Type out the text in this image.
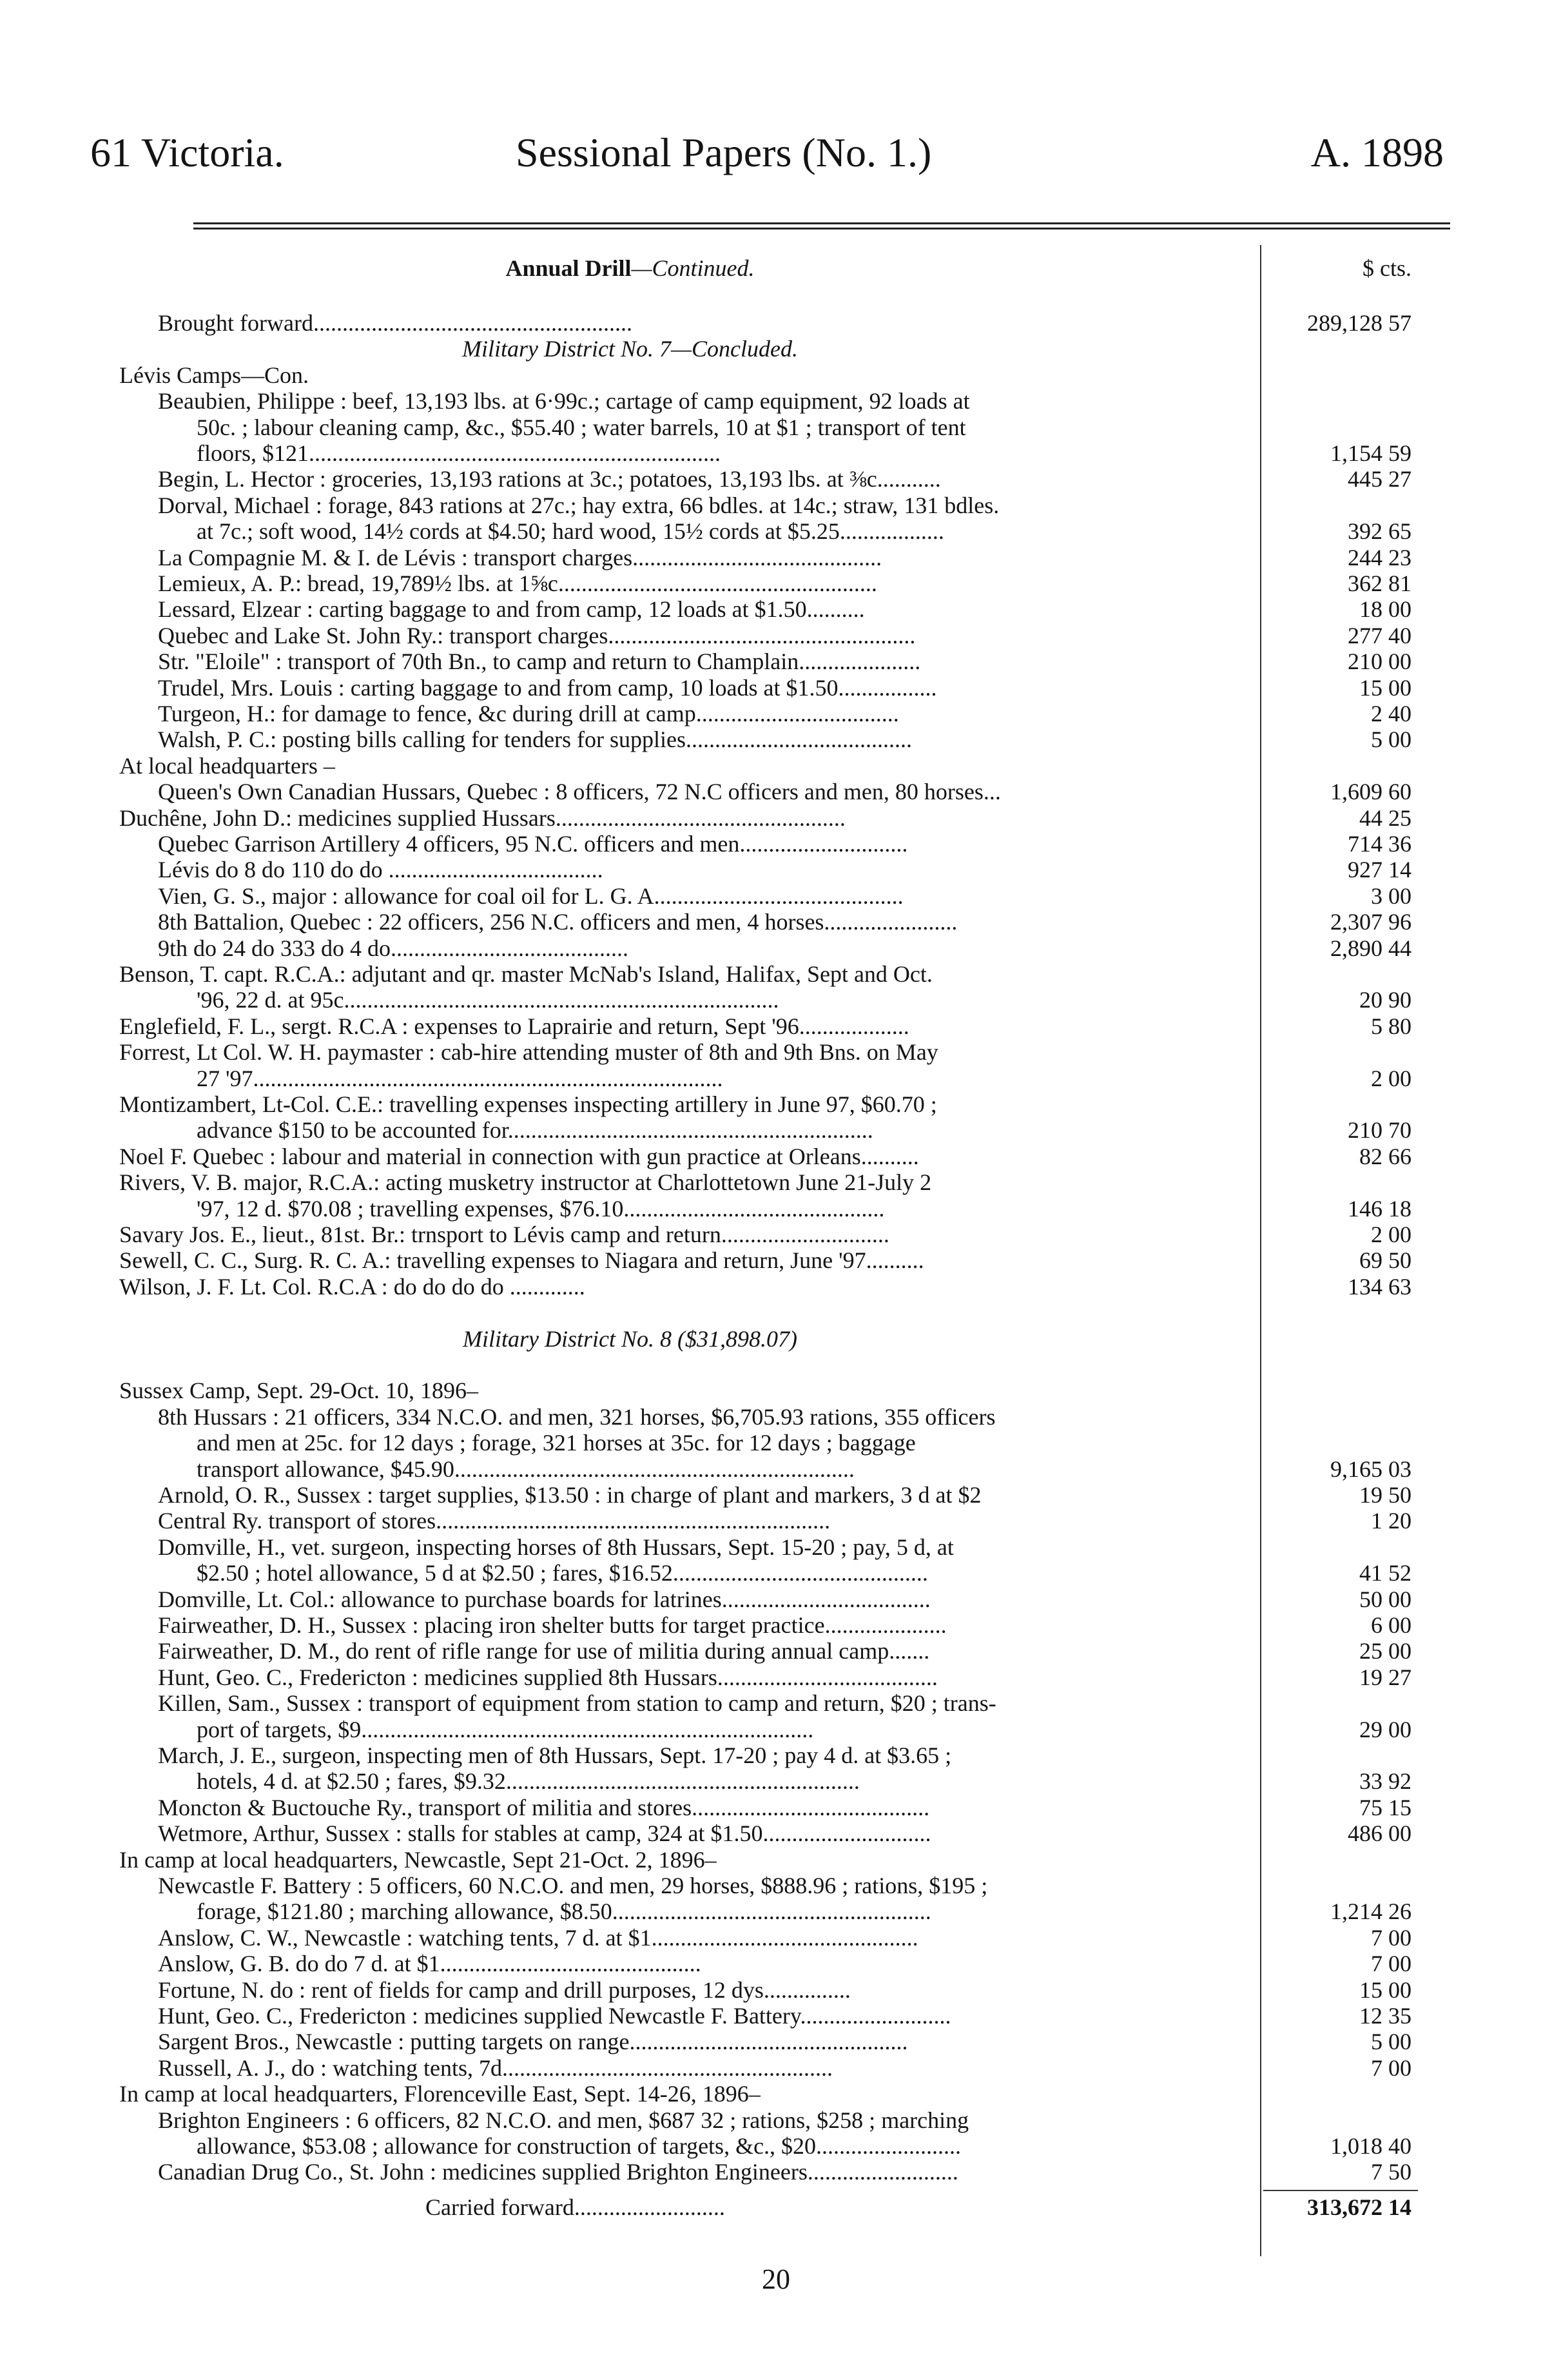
61 Victoria.	Sessional Papers (No. 1.)	A. 1898
Annual Drill—Continued.	$ cts.
Brought forward.......................................................	289,128 57
Military District No. 7—Concluded.
Lévis Camps—Con.
Beaubien, Philippe : beef, 13,193 lbs. at 6·99c.; cartage of camp equipment, 92 loads at
50c. ; labour cleaning camp, &c., $55.40 ; water barrels, 10 at $1 ; transport of tent
floors, $121.......................................................................	1,154 59
Begin, L. Hector : groceries, 13,193 rations at 3c.; potatoes, 13,193 lbs. at ⅜c...........	445 27
Dorval, Michael : forage, 843 rations at 27c.; hay extra, 66 bdles. at 14c.; straw, 131 bdles.
at 7c.; soft wood, 14½ cords at $4.50; hard wood, 15½ cords at $5.25..................	392 65
La Compagnie M. & I. de Lévis : transport charges...........................................	244 23
Lemieux, A. P.: bread, 19,789½ lbs. at 1⅝c.......................................................	362 81
Lessard, Elzear : carting baggage to and from camp, 12 loads at $1.50..........	18 00
Quebec and Lake St. John Ry.: transport charges.....................................................	277 40
Str. "Eloile" : transport of 70th Bn., to camp and return to Champlain.....................	210 00
Trudel, Mrs. Louis : carting baggage to and from camp, 10 loads at $1.50.................	15 00
Turgeon, H.: for damage to fence, &c during drill at camp...................................	2 40
Walsh, P. C.: posting bills calling for tenders for supplies.......................................	5 00
At local headquarters –
Queen's Own Canadian Hussars, Quebec : 8 officers, 72 N.C officers and men, 80 horses...	1,609 60
Duchêne, John D.: medicines supplied Hussars..................................................	44 25
Quebec Garrison Artillery 4 officers, 95 N.C. officers and men.............................	714 36
Lévis do 8 do 110 do do .....................................	927 14
Vien, G. S., major : allowance for coal oil for L. G. A...........................................	3 00
8th Battalion, Quebec : 22 officers, 256 N.C. officers and men, 4 horses.......................	2,307 96
9th do 24 do 333 do 4 do.........................................	2,890 44
Benson, T. capt. R.C.A.: adjutant and qr. master McNab's Island, Halifax, Sept and Oct.
'96, 22 d. at 95c...........................................................................	20 90
Englefield, F. L., sergt. R.C.A : expenses to Laprairie and return, Sept '96...................	5 80
Forrest, Lt Col. W. H. paymaster : cab-hire attending muster of 8th and 9th Bns. on May
27 '97.................................................................................	2 00
Montizambert, Lt-Col. C.E.: travelling expenses inspecting artillery in June 97, $60.70 ;
advance $150 to be accounted for...............................................................	210 70
Noel F. Quebec : labour and material in connection with gun practice at Orleans..........	82 66
Rivers, V. B. major, R.C.A.: acting musketry instructor at Charlottetown June 21-July 2
'97, 12 d. $70.08 ; travelling expenses, $76.10.............................................	146 18
Savary Jos. E., lieut., 81st. Br.: trnsport to Lévis camp and return.............................	2 00
Sewell, C. C., Surg. R. C. A.: travelling expenses to Niagara and return, June '97..........	69 50
Wilson, J. F. Lt. Col. R.C.A : do do do do .............	134 63
Military District No. 8 ($31,898.07)
Sussex Camp, Sept. 29-Oct. 10, 1896–
8th Hussars : 21 officers, 334 N.C.O. and men, 321 horses, $6,705.93 rations, 355 officers
and men at 25c. for 12 days ; forage, 321 horses at 35c. for 12 days ; baggage
transport allowance, $45.90.....................................................................	9,165 03
Arnold, O. R., Sussex : target supplies, $13.50 : in charge of plant and markers, 3 d at $2	19 50
Central Ry. transport of stores....................................................................	1 20
Domville, H., vet. surgeon, inspecting horses of 8th Hussars, Sept. 15-20 ; pay, 5 d, at
$2.50 ; hotel allowance, 5 d at $2.50 ; fares, $16.52............................................	41 52
Domville, Lt. Col.: allowance to purchase boards for latrines....................................	50 00
Fairweather, D. H., Sussex : placing iron shelter butts for target practice.....................	6 00
Fairweather, D. M., do rent of rifle range for use of militia during annual camp.......	25 00
Hunt, Geo. C., Fredericton : medicines supplied 8th Hussars......................................	19 27
Killen, Sam., Sussex : transport of equipment from station to camp and return, $20 ; trans-
port of targets, $9..............................................................................	29 00
March, J. E., surgeon, inspecting men of 8th Hussars, Sept. 17-20 ; pay 4 d. at $3.65 ;
hotels, 4 d. at $2.50 ; fares, $9.32.............................................................	33 92
Moncton & Buctouche Ry., transport of militia and stores.........................................	75 15
Wetmore, Arthur, Sussex : stalls for stables at camp, 324 at $1.50.............................	486 00
In camp at local headquarters, Newcastle, Sept 21-Oct. 2, 1896–
Newcastle F. Battery : 5 officers, 60 N.C.O. and men, 29 horses, $888.96 ; rations, $195 ;
forage, $121.80 ; marching allowance, $8.50.......................................................	1,214 26
Anslow, C. W., Newcastle : watching tents, 7 d. at $1..............................................	7 00
Anslow, G. B. do do 7 d. at $1.............................................	7 00
Fortune, N. do : rent of fields for camp and drill purposes, 12 dys...............	15 00
Hunt, Geo. C., Fredericton : medicines supplied Newcastle F. Battery..........................	12 35
Sargent Bros., Newcastle : putting targets on range................................................	5 00
Russell, A. J., do : watching tents, 7d.........................................................	7 00
In camp at local headquarters, Florenceville East, Sept. 14-26, 1896–
Brighton Engineers : 6 officers, 82 N.C.O. and men, $687 32 ; rations, $258 ; marching
allowance, $53.08 ; allowance for construction of targets, &c., $20.........................	1,018 40
Canadian Drug Co., St. John : medicines supplied Brighton Engineers..........................	7 50
Carried forward..........................	313,672 14
20
